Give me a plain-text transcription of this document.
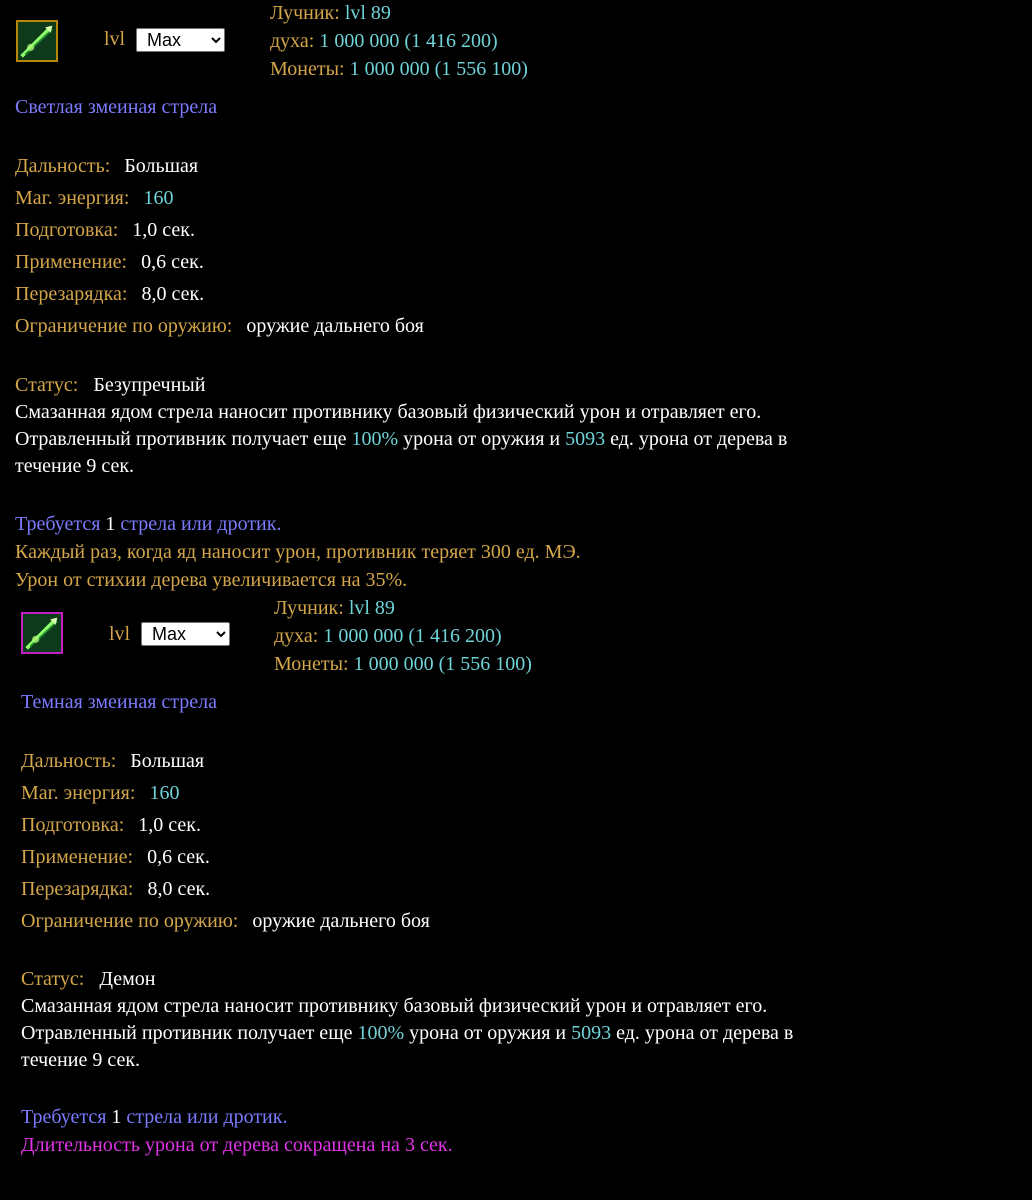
lvl
Max
Лучник: lvl 89
духа: 1 000 000 (1 416 200)
Монеты: 1 000 000 (1 556 100)
Светлая змеиная стрела
Дальность: Большая
Маг. энергия: 160
Подготовка: 1,0 сек.
Применение: 0,6 сек.
Перезарядка: 8,0 сек.
Ограничение по оружию: оружие дальнего боя

Статус: Безупречный

Смазанная ядом стрела наносит противнику базовый физический урон и отравляет его.

Отравленный противник получает еще 100% урона от оружия и 5093 ед. урона от дерева в

течение 9 сек.

Требуется 1 стрела или дротик.
Каждый раз, когда яд наносит урон, противник теряет 300 ед. МЭ.
Урон от стихии дерева увеличивается на 35%.
lvl
Max
Лучник: lvl 89
духа: 1 000 000 (1 416 200)
Монеты: 1 000 000 (1 556 100)
Темная змеиная стрела
Дальность: Большая
Маг. энергия: 160
Подготовка: 1,0 сек.
Применение: 0,6 сек.
Перезарядка: 8,0 сек.
Ограничение по оружию: оружие дальнего боя

Статус: Демон

Смазанная ядом стрела наносит противнику базовый физический урон и отравляет его.

Отравленный противник получает еще 100% урона от оружия и 5093 ед. урона от дерева в

течение 9 сек.

Требуется 1 стрела или дротик.
Длительность урона от дерева сокращена на 3 сек.
